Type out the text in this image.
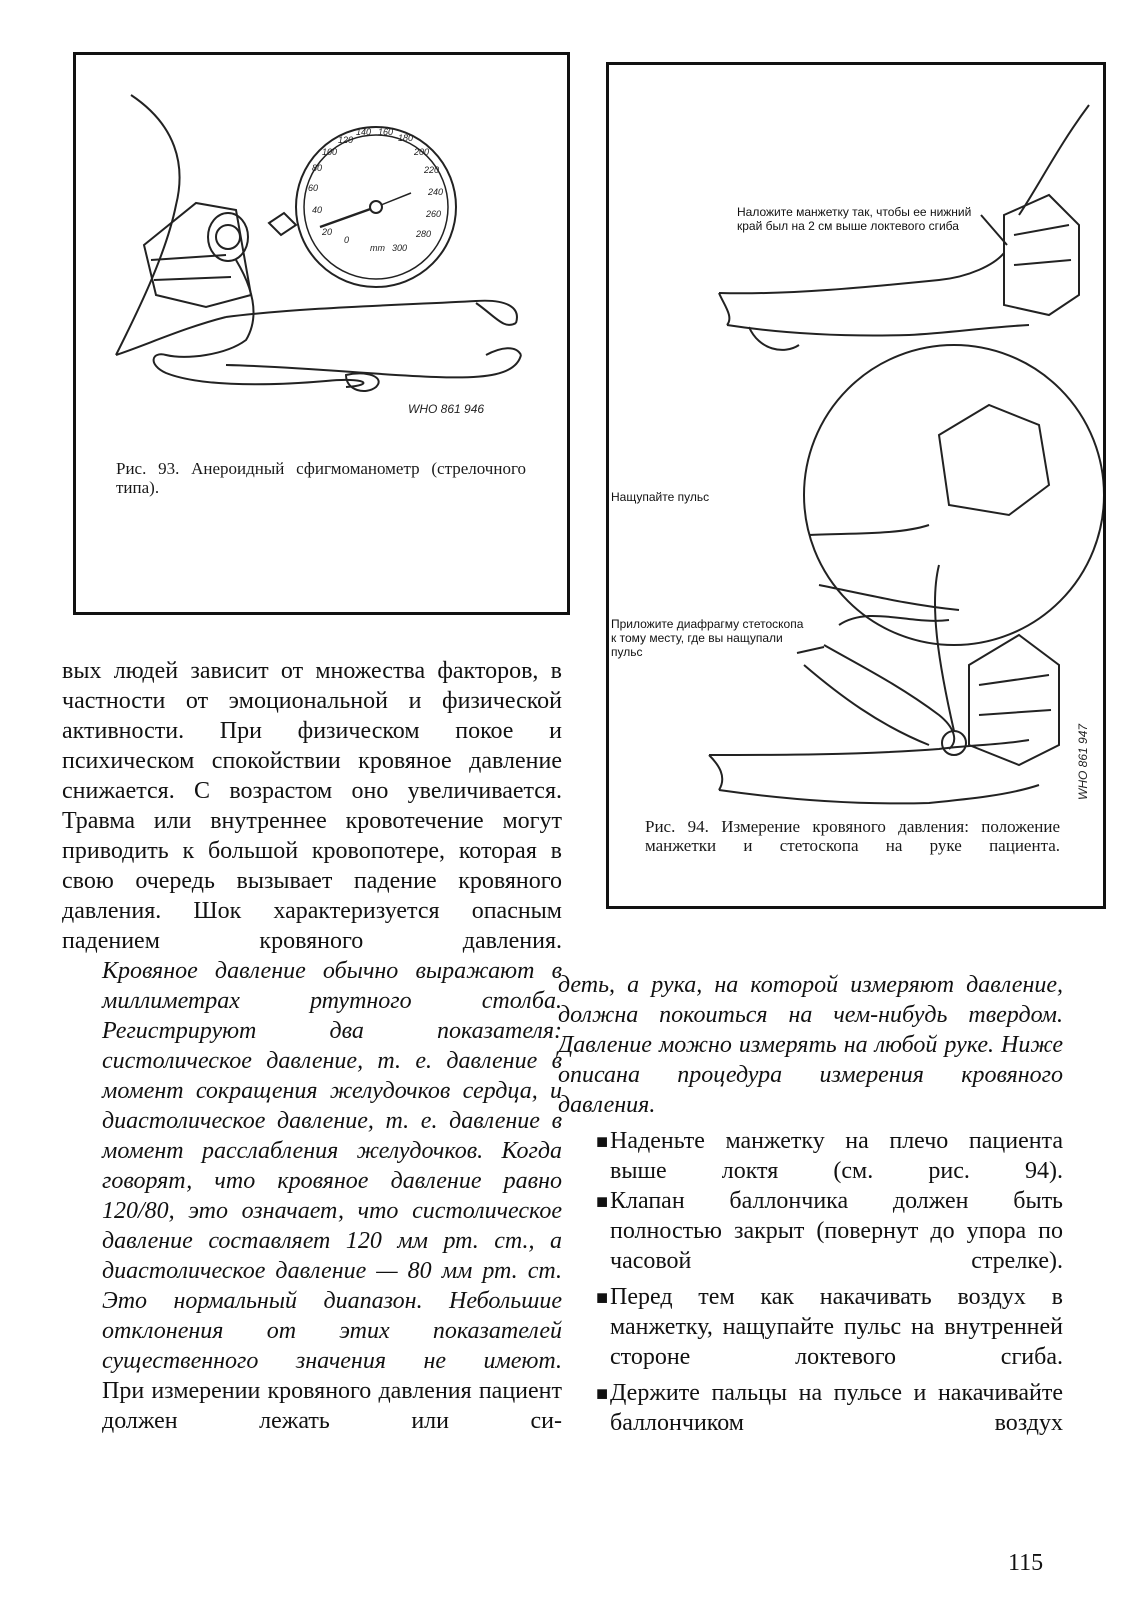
0
20
40
60
80
100
120
140 160
180
200
220
240
260
280
300
mm
WHO 861 946
Рис. 93. Анероидный сфигмоманометр (стрелочного типа).
WHO 861 947
Наложите манжетку так, чтобы ее нижний край был на 2 см выше локтевого сгиба
Нащупайте пульс
Приложите диафрагму стетоскопа к тому месту, где вы нащупали пульс
Рис. 94. Измерение кровяного давления: положение манжетки и стетоскопа на руке пациента.

вых людей зависит от множества факторов, в частности от эмоциональной и физической активности. При физическом покое и психическом спокойствии кровяное давление снижается. С возрастом оно увеличивается. Травма или внутреннее кровотечение могут приводить к большой кровопотере, которая в свою очередь вызывает падение кровяного давления. Шок характеризуется опасным падением кровяного давления.

Кровяное давление обычно выражают в миллиметрах ртутного столба. Регистрируют два показателя: систолическое давление, т. е. давление в момент сокращения желудочков сердца, и диастолическое давление, т. е. давление в момент расслабления желудочков. Когда говорят, что кровяное давление равно 120/80, это означает, что систолическое давление составляет 120 мм рт. ст., а диастолическое давление — 80 мм рт. ст. Это нормальный диапазон. Небольшие отклонения от этих показателей существенного значения не имеют.

При измерении кровяного давления пациент должен лежать или си-

деть, а рука, на которой измеряют давление, должна покоиться на чем-нибудь твердом. Давление можно измерять на любой руке. Ниже описана процедура измерения кровяного давления.

■ Наденьте манжетку на плечо пациента выше локтя (см. рис. 94).
■ Клапан баллончика должен быть полностью закрыт (повернут до упора по часовой стрелке).
■ Перед тем как накачивать воздух в манжетку, нащупайте пульс на внутренней стороне локтевого сгиба.
■ Держите пальцы на пульсе и накачивайте баллончиком воздух
115
